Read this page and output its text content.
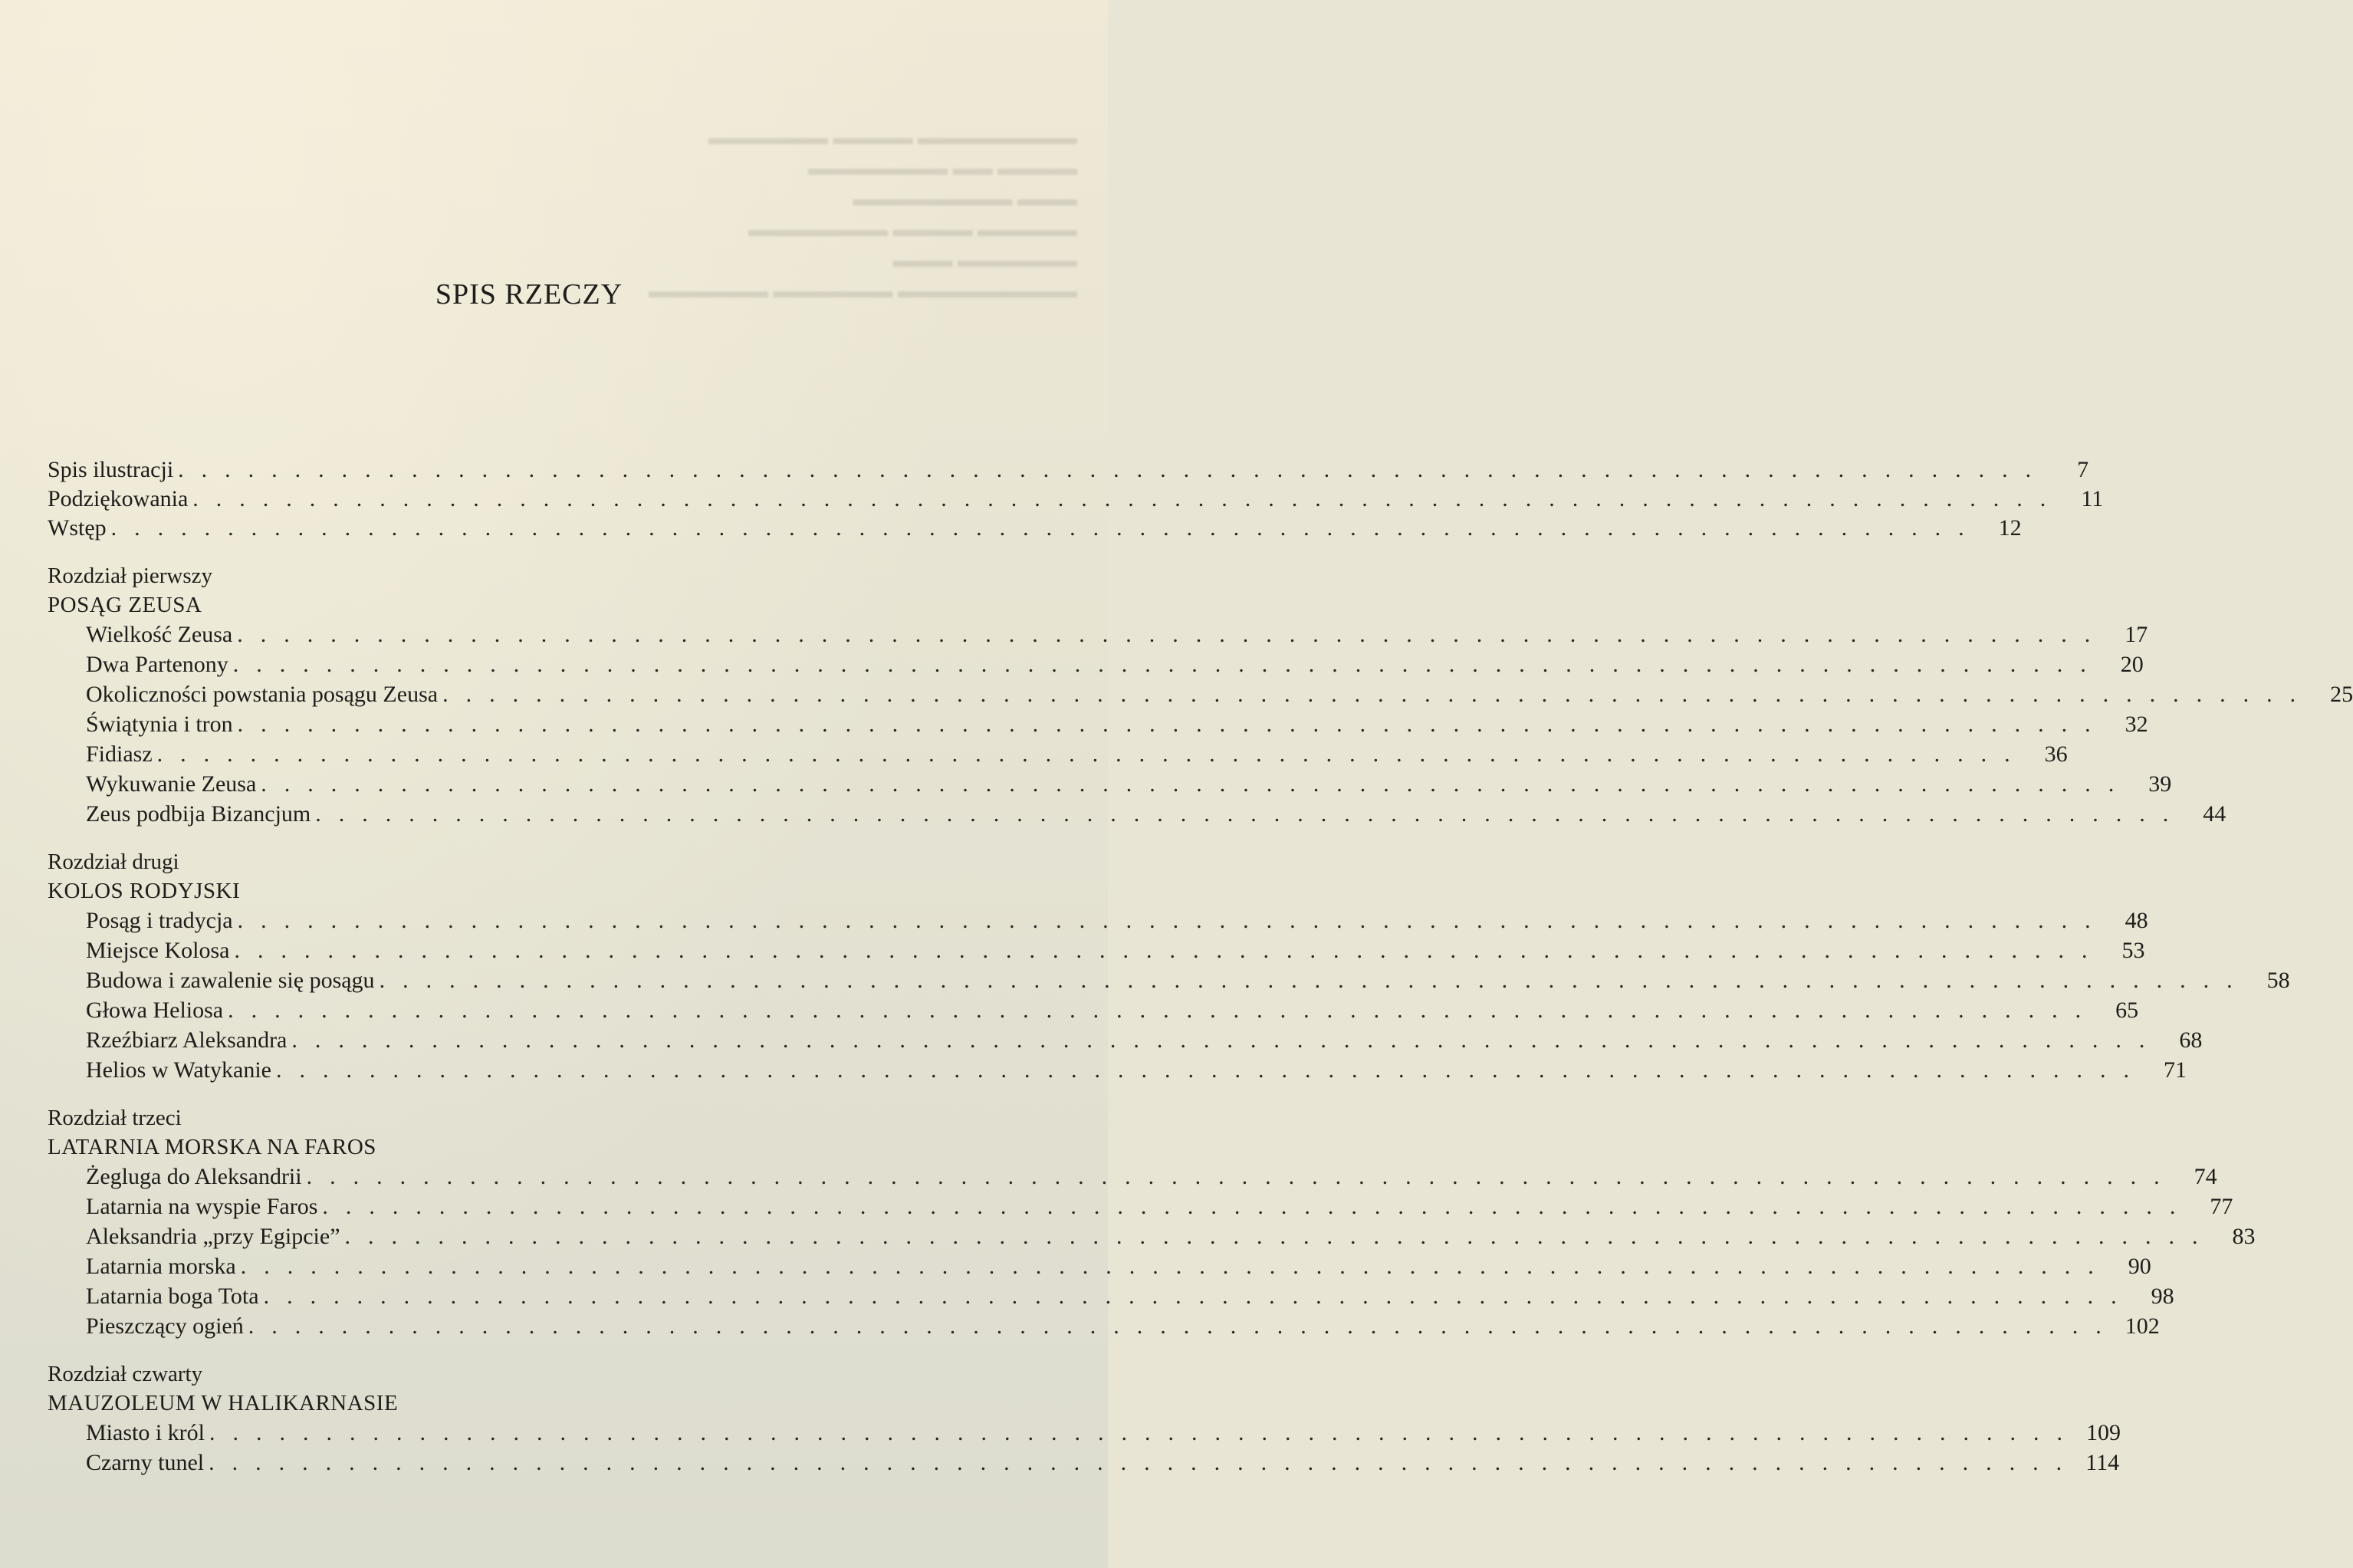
▬▬▬▬▬▬▬▬ ▬▬▬▬ ▬▬▬▬▬▬
▬▬▬▬ ▬▬ ▬▬▬▬▬▬▬
▬▬▬ ▬▬▬▬▬▬▬▬
▬▬▬▬▬ ▬▬▬▬ ▬▬▬▬▬▬▬
▬▬▬▬▬▬ ▬▬▬
▬▬▬▬▬▬▬▬▬ ▬▬▬▬▬▬ ▬▬▬▬▬▬
SPIS RZECZY
Spis ilustracji ................................................................................	7
Podziękowania ................................................................................ 11
Wstęp ................................................................................ 12
Rozdział pierwszy
POSĄG ZEUSA
Wielkość Zeusa ................................................................................ 17
Dwa Partenony ................................................................................ 20
Okoliczności powstania posągu Zeusa ................................................................................ 25
Świątynia i tron ................................................................................ 32
Fidiasz ................................................................................ 36
Wykuwanie Zeusa ................................................................................ 39
Zeus podbija Bizancjum ................................................................................ 44
Rozdział drugi
KOLOS RODYJSKI
Posąg i tradycja ................................................................................ 48
Miejsce Kolosa ................................................................................ 53
Budowa i zawalenie się posągu ................................................................................ 58
Głowa Heliosa ................................................................................ 65
Rzeźbiarz Aleksandra ................................................................................ 68
Helios w Watykanie ................................................................................ 71
Rozdział trzeci
LATARNIA MORSKA NA FAROS
Żegluga do Aleksandrii ................................................................................ 74
Latarnia na wyspie Faros ................................................................................ 77
Aleksandria „przy Egipcie” ................................................................................ 83
Latarnia morska ................................................................................ 90
Latarnia boga Tota ................................................................................ 98
Pieszczący ogień ................................................................................ 102
Rozdział czwarty
MAUZOLEUM W HALIKARNASIE
Miasto i król ................................................................................ 109
Czarny tunel ................................................................................ 114
